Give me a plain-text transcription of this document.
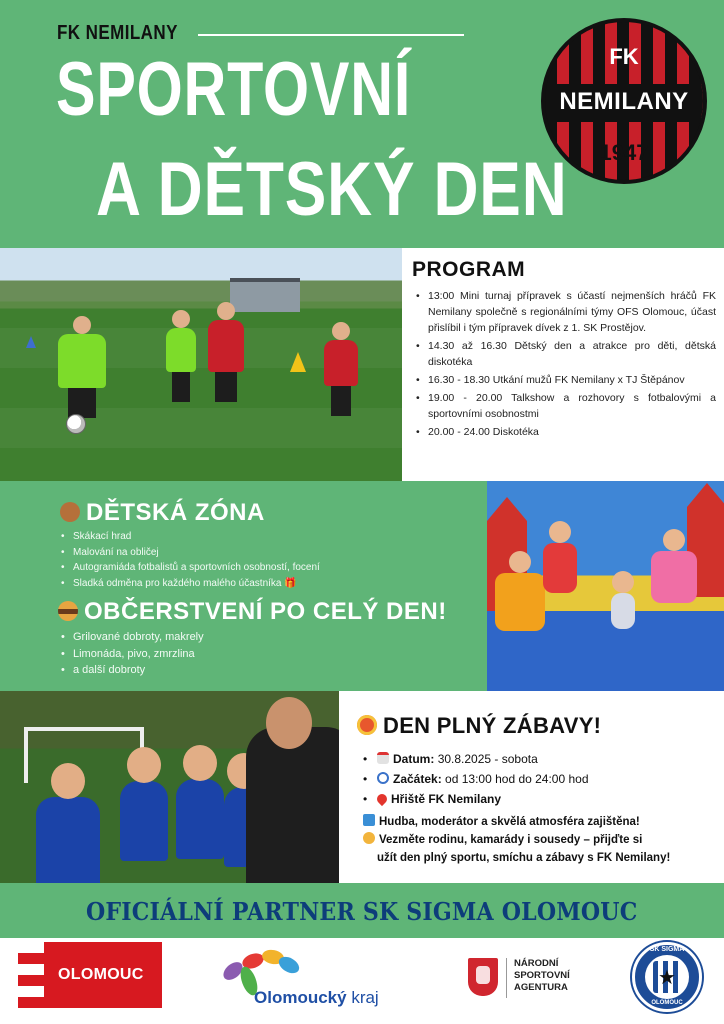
FK NEMILANY
SPORTOVNÍ
A DĚTSKÝ DEN
FK
NEMILANY
1947
PROGRAM
• 13:00 Mini turnaj přípravek s účastí nejmenších hráčů FK Nemilany společně s regionálními týmy OFS Olomouc, účast přislíbil i tým přípravek dívek z 1. SK Prostějov.
• 14.30 až 16.30 Dětský den a atrakce pro děti, dětská diskotéka
• 16.30 - 18.30 Utkání mužů FK Nemilany x TJ Štěpánov
• 19.00 - 20.00 Talkshow a rozhovory s fotbalovými a sportovními osobnostmi
• 20.00 - 24.00 Diskotéka
DĚTSKÁ ZÓNA
• Skákací hrad
• Malování na obličej
• Autogramiáda fotbalistů a sportovních osobností, focení
• Sladká odměna pro každého malého účastníka 🎁
OBČERSTVENÍ PO CELÝ DEN!
• Grilované dobroty, makrely
• Limonáda, pivo, zmrzlina
• a další dobroty
DEN PLNÝ ZÁBAVY!
• Datum: 30.8.2025 - sobota
• Začátek: od 13:00 hod do 24:00 hod
• Hřiště FK Nemilany
Hudba, moderátor a skvělá atmosféra zajištěna!
Vezměte rodinu, kamarády i sousedy – přijďte si
užít den plný sportu, smíchu a zábavy s FK Nemilany!
OFICIÁLNÍ PARTNER SK SIGMA OLOMOUC
OLOMOUC
Olomoucký kraj
NÁRODNÍ
SPORTOVNÍ
AGENTURA	★
SK SIGMA
OLOMOUC
